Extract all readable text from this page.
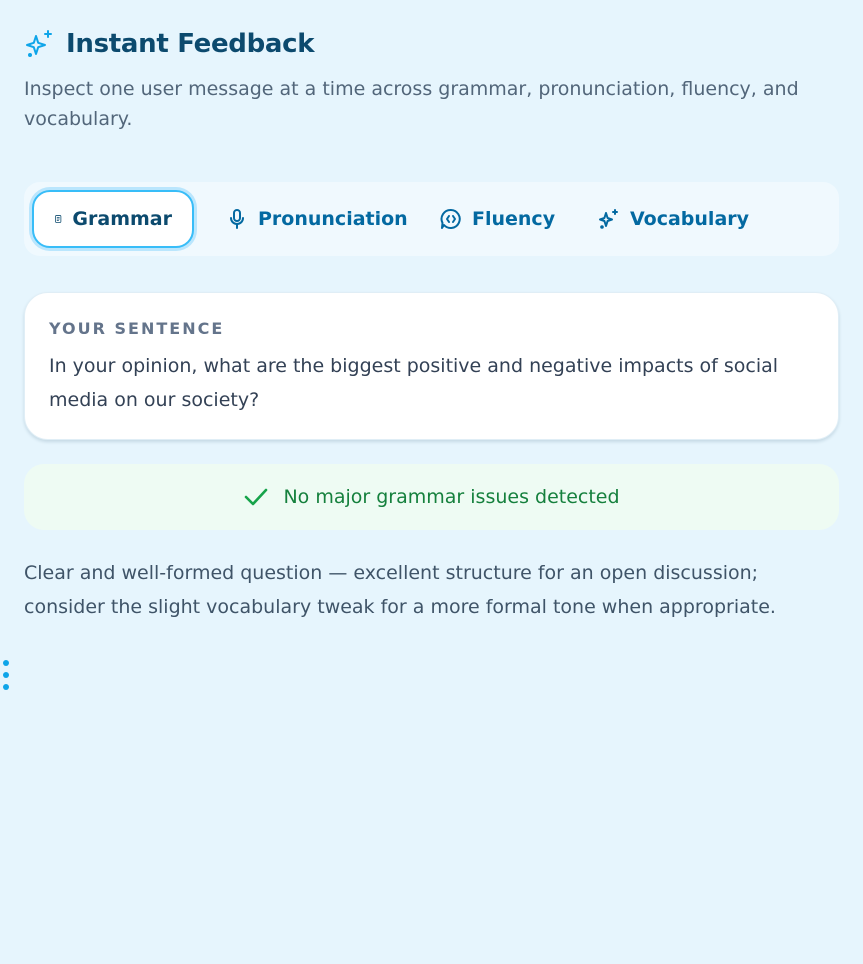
Instant Feedback
Inspect one user message at a time across grammar, pronunciation, fluency, and vocabulary.
Grammar	Pronunciation	Fluency	Vocabulary
YOUR SENTENCE
In your opinion, what are the biggest positive and negative impacts of social media on our society?
No major grammar issues detected
Clear and well-formed question — excellent structure for an open discussion; consider the slight vocabulary tweak for a more formal tone when appropriate.
